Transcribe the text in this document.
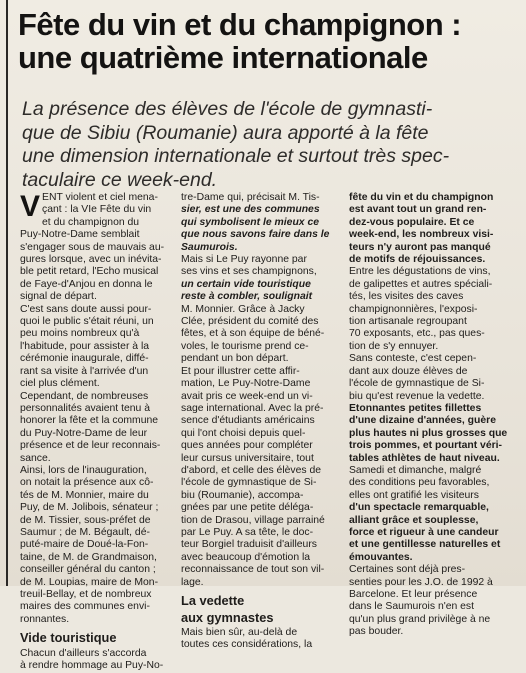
Fête du vin et du champignon :
une quatrième internationale
La présence des élèves de l'école de gymnasti-
que de Sibiu (Roumanie) aura apporté à la fête
une dimension internationale et surtout très spec-
taculaire ce week-end.
V ENT violent et ciel mena-
çant : la VIe Fête du vin
et du champignon du
Puy-Notre-Dame semblait
s'engager sous de mauvais au-
gures lorsque, avec un inévita-
ble petit retard, l'Echo musical
de Faye-d'Anjou en donna le
signal de départ.
C'est sans doute aussi pour-
quoi le public s'était réuni, un
peu moins nombreux qu'à
l'habitude, pour assister à la
cérémonie inaugurale, diffé-
rant sa visite à l'arrivée d'un
ciel plus clément.
Cependant, de nombreuses
personnalités avaient tenu à
honorer la fête et la commune
du Puy-Notre-Dame de leur
présence et de leur reconnais-
sance.
Ainsi, lors de l'inauguration,
on notait la présence aux cô-
tés de M. Monnier, maire du
Puy, de M. Jolibois, sénateur ;
de M. Tissier, sous-préfet de
Saumur ; de M. Bégault, dé-
puté-maire de Doué-la-Fon-
taine, de M. de Grandmaison,
conseiller général du canton ;
de M. Loupias, maire de Mon-
treuil-Bellay, et de nombreux
maires des communes envi-
ronnantes.
Vide touristique
Chacun d'ailleurs s'accorda
à rendre hommage au Puy-No-
tre-Dame qui, précisait M. Tis-
sier, est une des communes
qui symbolisent le mieux ce
que nous savons faire dans le
Saumurois.
Mais si Le Puy rayonne par
ses vins et ses champignons,
un certain vide touristique
reste à combler, soulignait
M. Monnier. Grâce à Jacky
Clée, président du comité des
fêtes, et à son équipe de béné-
voles, le tourisme prend ce-
pendant un bon départ.
Et pour illustrer cette affir-
mation, Le Puy-Notre-Dame
avait pris ce week-end un vi-
sage international. Avec la pré-
sence d'étudiants américains
qui l'ont choisi depuis quel-
ques années pour compléter
leur cursus universitaire, tout
d'abord, et celle des élèves de
l'école de gymnastique de Si-
biu (Roumanie), accompa-
gnées par une petite déléga-
tion de Drasou, village parrainé
par Le Puy. A sa tête, le doc-
teur Borgiel traduisit d'ailleurs
avec beaucoup d'émotion la
reconnaissance de tout son vil-
lage.
La vedette
aux gymnastes
Mais bien sûr, au-delà de
toutes ces considérations, la
fête du vin et du champignon
est avant tout un grand ren-
dez-vous populaire. Et ce
week-end, les nombreux visi-
teurs n'y auront pas manqué
de motifs de réjouissances.
Entre les dégustations de vins,
de galipettes et autres spéciali-
tés, les visites des caves
champignonnières, l'exposi-
tion artisanale regroupant
70 exposants, etc., pas ques-
tion de s'y ennuyer.
Sans conteste, c'est cepen-
dant aux douze élèves de
l'école de gymnastique de Si-
biu qu'est revenue la vedette.
Etonnantes petites fillettes
d'une dizaine d'années, guère
plus hautes ni plus grosses que
trois pommes, et pourtant véri-
tables athlètes de haut niveau.
Samedi et dimanche, malgré
des conditions peu favorables,
elles ont gratifié les visiteurs
d'un spectacle remarquable,
alliant grâce et souplesse,
force et rigueur à une candeur
et une gentillesse naturelles et
émouvantes.
Certaines sont déjà pres-
senties pour les J.O. de 1992 à
Barcelone. Et leur présence
dans le Saumurois n'en est
qu'un plus grand privilège à ne
pas bouder.
